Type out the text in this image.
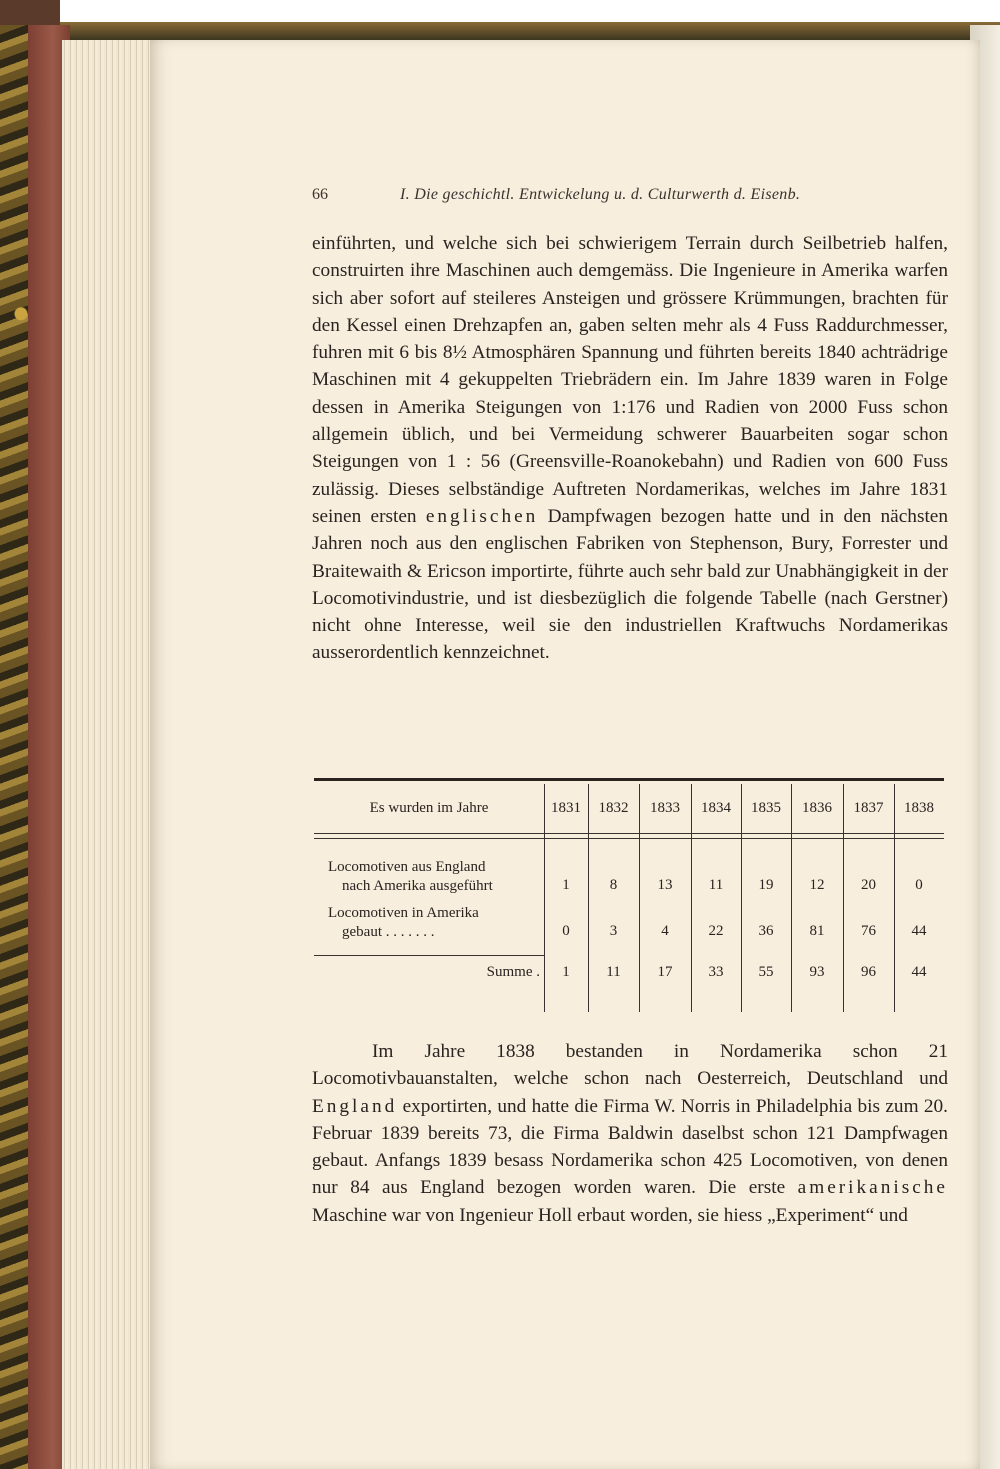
66	I. Die geschichtl. Entwickelung u. d. Culturwerth d. Eisenb.

einführten, und welche sich bei schwierigem Terrain durch Seilbetrieb halfen, construirten ihre Maschinen auch demgemäss. Die Ingenieure in Amerika warfen sich aber sofort auf steileres Ansteigen und grössere Krümmungen, brachten für den Kessel einen Drehzapfen an, gaben selten mehr als 4 Fuss Raddurchmesser, fuhren mit 6 bis 8½ Atmosphären Spannung und führten bereits 1840 achträdrige Maschinen mit 4 gekuppelten Triebrädern ein. Im Jahre 1839 waren in Folge dessen in Amerika Steigungen von 1:176 und Radien von 2000 Fuss schon allgemein üblich, und bei Vermeidung schwerer Bauarbeiten sogar schon Steigungen von 1 : 56 (Greensville-Roanokebahn) und Radien von 600 Fuss zulässig. Dieses selbständige Auftreten Nordamerikas, welches im Jahre 1831 seinen ersten englischen Dampfwagen bezogen hatte und in den nächsten Jahren noch aus den englischen Fabriken von Stephenson, Bury, Forrester und Braitewaith & Ericson importirte, führte auch sehr bald zur Unabhängigkeit in der Locomotivindustrie, und ist diesbezüglich die folgende Tabelle (nach Gerstner) nicht ohne Interesse, weil sie den industriellen Kraftwuchs Nordamerikas ausserordentlich kennzeichnet.

Es wurden im Jahre	1831	1832	1833	1834	1835	1836	1837	1838
Locomotiven aus England
nach Amerika ausgeführt	1	8	13	11	19	12	20	0
Locomotiven in Amerika
gebaut . . . . . . .	0	3	4	22	36	81	76	44
Summe .	1	11	17	33	55	93	96	44

Im Jahre 1838 bestanden in Nordamerika schon 21 Locomotivbauanstalten, welche schon nach Oesterreich, Deutschland und England exportirten, und hatte die Firma W. Norris in Philadelphia bis zum 20. Februar 1839 bereits 73, die Firma Baldwin daselbst schon 121 Dampfwagen gebaut. Anfangs 1839 besass Nordamerika schon 425 Locomotiven, von denen nur 84 aus England bezogen worden waren. Die erste amerikanische Maschine war von Ingenieur Holl erbaut worden, sie hiess „Experiment“ und
